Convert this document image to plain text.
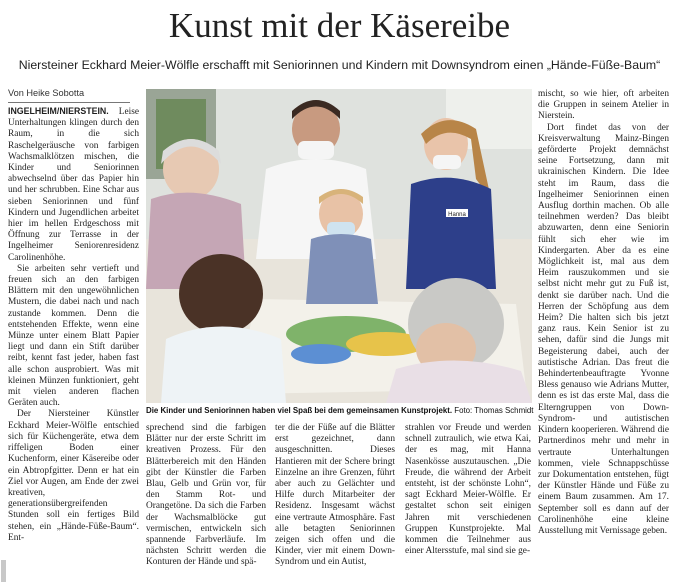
Kunst mit der Käsereibe
Niersteiner Eckhard Meier-Wölfle erschafft mit Seniorinnen und Kindern mit Downsyndrom einen „Hände-Füße-Baum“
Von Heike Sobotta

INGELHEIM/NIERSTEIN. Leise Unterhaltungen klingen durch den Raum, in die sich Raschelgeräusche von farbigen Wachsmalklötzen mischen, die Kinder und Seniorinnen abwechselnd über das Papier hin und her schrubben. Eine Schar aus sieben Seniorinnen und fünf Kindern und Jugendlichen arbeitet hier im hellen Erdgeschoss mit Öffnung zur Terrasse in der Ingelheimer Seniorenresidenz Carolinenhöhe.

Sie arbeiten sehr vertieft und freuen sich an den farbigen Blättern mit den ungewöhnlichen Mustern, die dabei nach und nach zustande kommen. Denn die entstehenden Effekte, wenn eine Münze unter einem Blatt Papier liegt und dann ein Stift darüber reibt, kennt fast jeder, haben fast alle schon ausprobiert. Was mit kleinen Münzen funktioniert, geht mit vielen anderen flachen Geräten auch.

Der Niersteiner Künstler Eckhard Meier-Wölfle entschied sich für Küchengeräte, etwa dem riffeligen Boden einer Kuchenform, einer Käsereibe oder ein Abtropfgitter. Denn er hat ein Ziel vor Augen, am Ende der zwei kreativen, generationsübergreifenden Stunden soll ein fertiges Bild stehen, ein „Hände-Füße-Baum“. Ent-

Hanna
Die Kinder und Seniorinnen haben viel Spaß bei dem gemeinsamen Kunstprojekt. Foto: Thomas Schmidt

sprechend sind die farbigen Blätter nur der erste Schritt im kreativen Prozess. Für den Blätterbereich mit den Händen gibt der Künstler die Farben Blau, Gelb und Grün vor, für den Stamm Rot- und Orangetöne. Da sich die Farben der Wachsmalblöcke gut vermischen, entwickeln sich spannende Farbverläufe. Im nächsten Schritt werden die Konturen der Hände und spä-

ter die der Füße auf die Blätter erst gezeichnet, dann ausgeschnitten. Dieses Hantieren mit der Schere bringt Einzelne an ihre Grenzen, führt aber auch zu Gelächter und Hilfe durch Mitarbeiter der Residenz. Insgesamt wächst eine vertraute Atmosphäre. Fast alle betagten Seniorinnen zeigen sich offen und die Kinder, vier mit einem Down-Syndrom und ein Autist,

strahlen vor Freude und werden schnell zutraulich, wie etwa Kai, der es mag, mit Hanna Nasenkösse auszutauschen. „Die Freude, die während der Arbeit entsteht, ist der schönste Lohn“, sagt Eckhard Meier-Wölfle. Er gestaltet schon seit einigen Jahren mit verschiedenen Gruppen Kunstprojekte. Mal kommen die Teilnehmer aus einer Altersstufe, mal sind sie ge-

mischt, so wie hier, oft arbeiten die Gruppen in seinem Atelier in Nierstein.

Dort findet das von der Kreisverwaltung Mainz-Bingen geförderte Projekt demnächst seine Fortsetzung, dann mit ukrainischen Kindern. Die Idee steht im Raum, dass die Ingelheimer Seniorinnen einen Ausflug dorthin machen. Ob alle teilnehmen werden? Das bleibt abzuwarten, denn eine Seniorin fühlt sich eher wie im Kindergarten. Aber da es eine Möglichkeit ist, mal aus dem Heim rauszukommen und sie selbst nicht mehr gut zu Fuß ist, denkt sie darüber nach. Und die Herren der Schöpfung aus dem Heim? Die halten sich bis jetzt ganz raus. Kein Senior ist zu sehen, dafür sind die Jungs mit Begeisterung dabei, auch der autistische Adrian. Das freut die Behindertenbeauftragte Yvonne Bless genauso wie Adrians Mutter, denn es ist das erste Mal, dass die Elterngruppen von Down-Syndrom- und autistischen Kindern kooperieren. Während die Partnerdinos mehr und mehr in vertraute Unterhaltungen kommen, viele Schnappschüsse zur Dokumentation entstehen, fügt der Künstler Hände und Füße zu einem Baum zusammen. Am 17. September soll es dann auf der Carolinenhöhe eine kleine Ausstellung mit Vernissage geben.
